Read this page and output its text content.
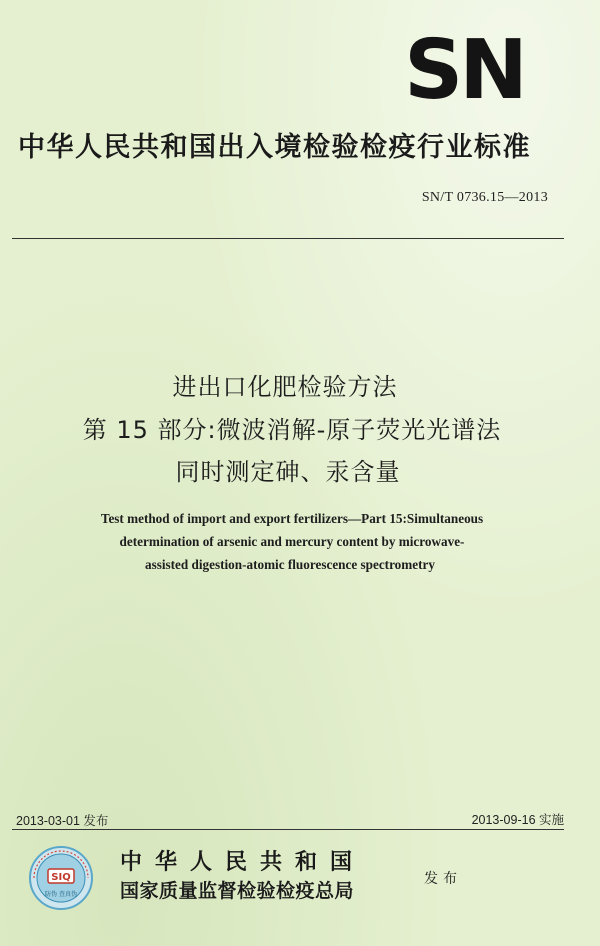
SN
中华人民共和国出入境检验检疫行业标准
SN/T 0736.15—2013
进出口化肥检验方法
第 15 部分:微波消解-原子荧光光谱法
同时测定砷、汞含量
Test method of import and export fertilizers—Part 15:Simultaneous
determination of arsenic and mercury content by microwave-
assisted digestion-atomic fluorescence spectrometry
2013-03-01 发布	2013-09-16 实施
SIQ
防伪 查真伪
中华人民共和国
国家质量监督检验检疫总局
发布
